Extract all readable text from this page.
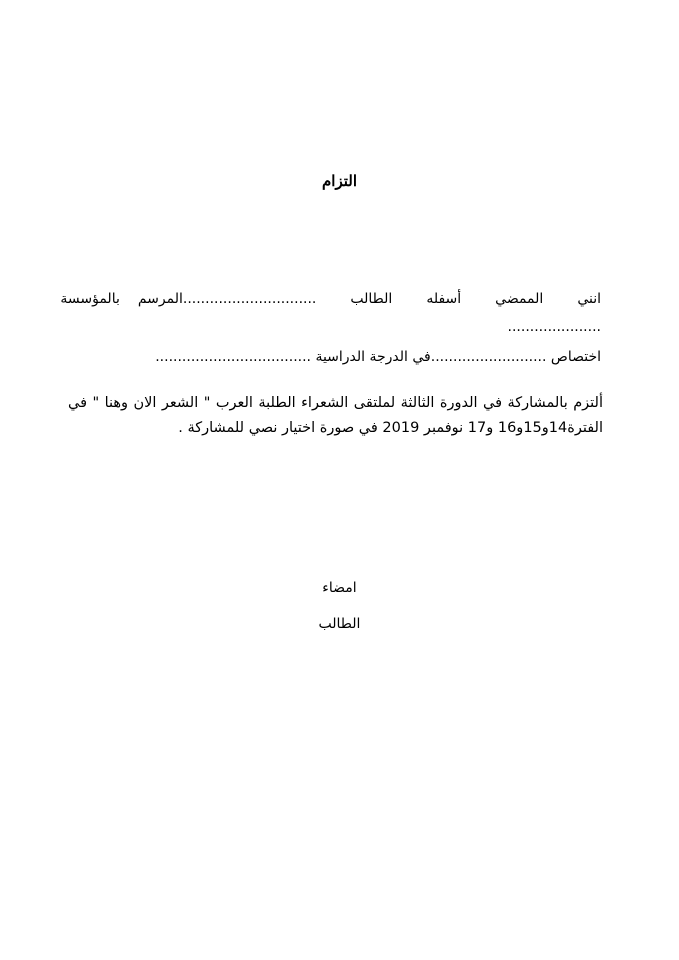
التزام
اننيالممضيأسفلهالطالب..............................المرسمبالمؤسسة
.....................
اختصاص ..........................في الدرجة الدراسية ...................................

ألتزم بالمشاركة في الدورة الثالثة لملتقى الشعراء الطلبة العرب " الشعر الان وهنا " في الفترة14و15و16 و17 نوفمبر 2019 في صورة اختيار نصي للمشاركة .

امضاء
الطالب
